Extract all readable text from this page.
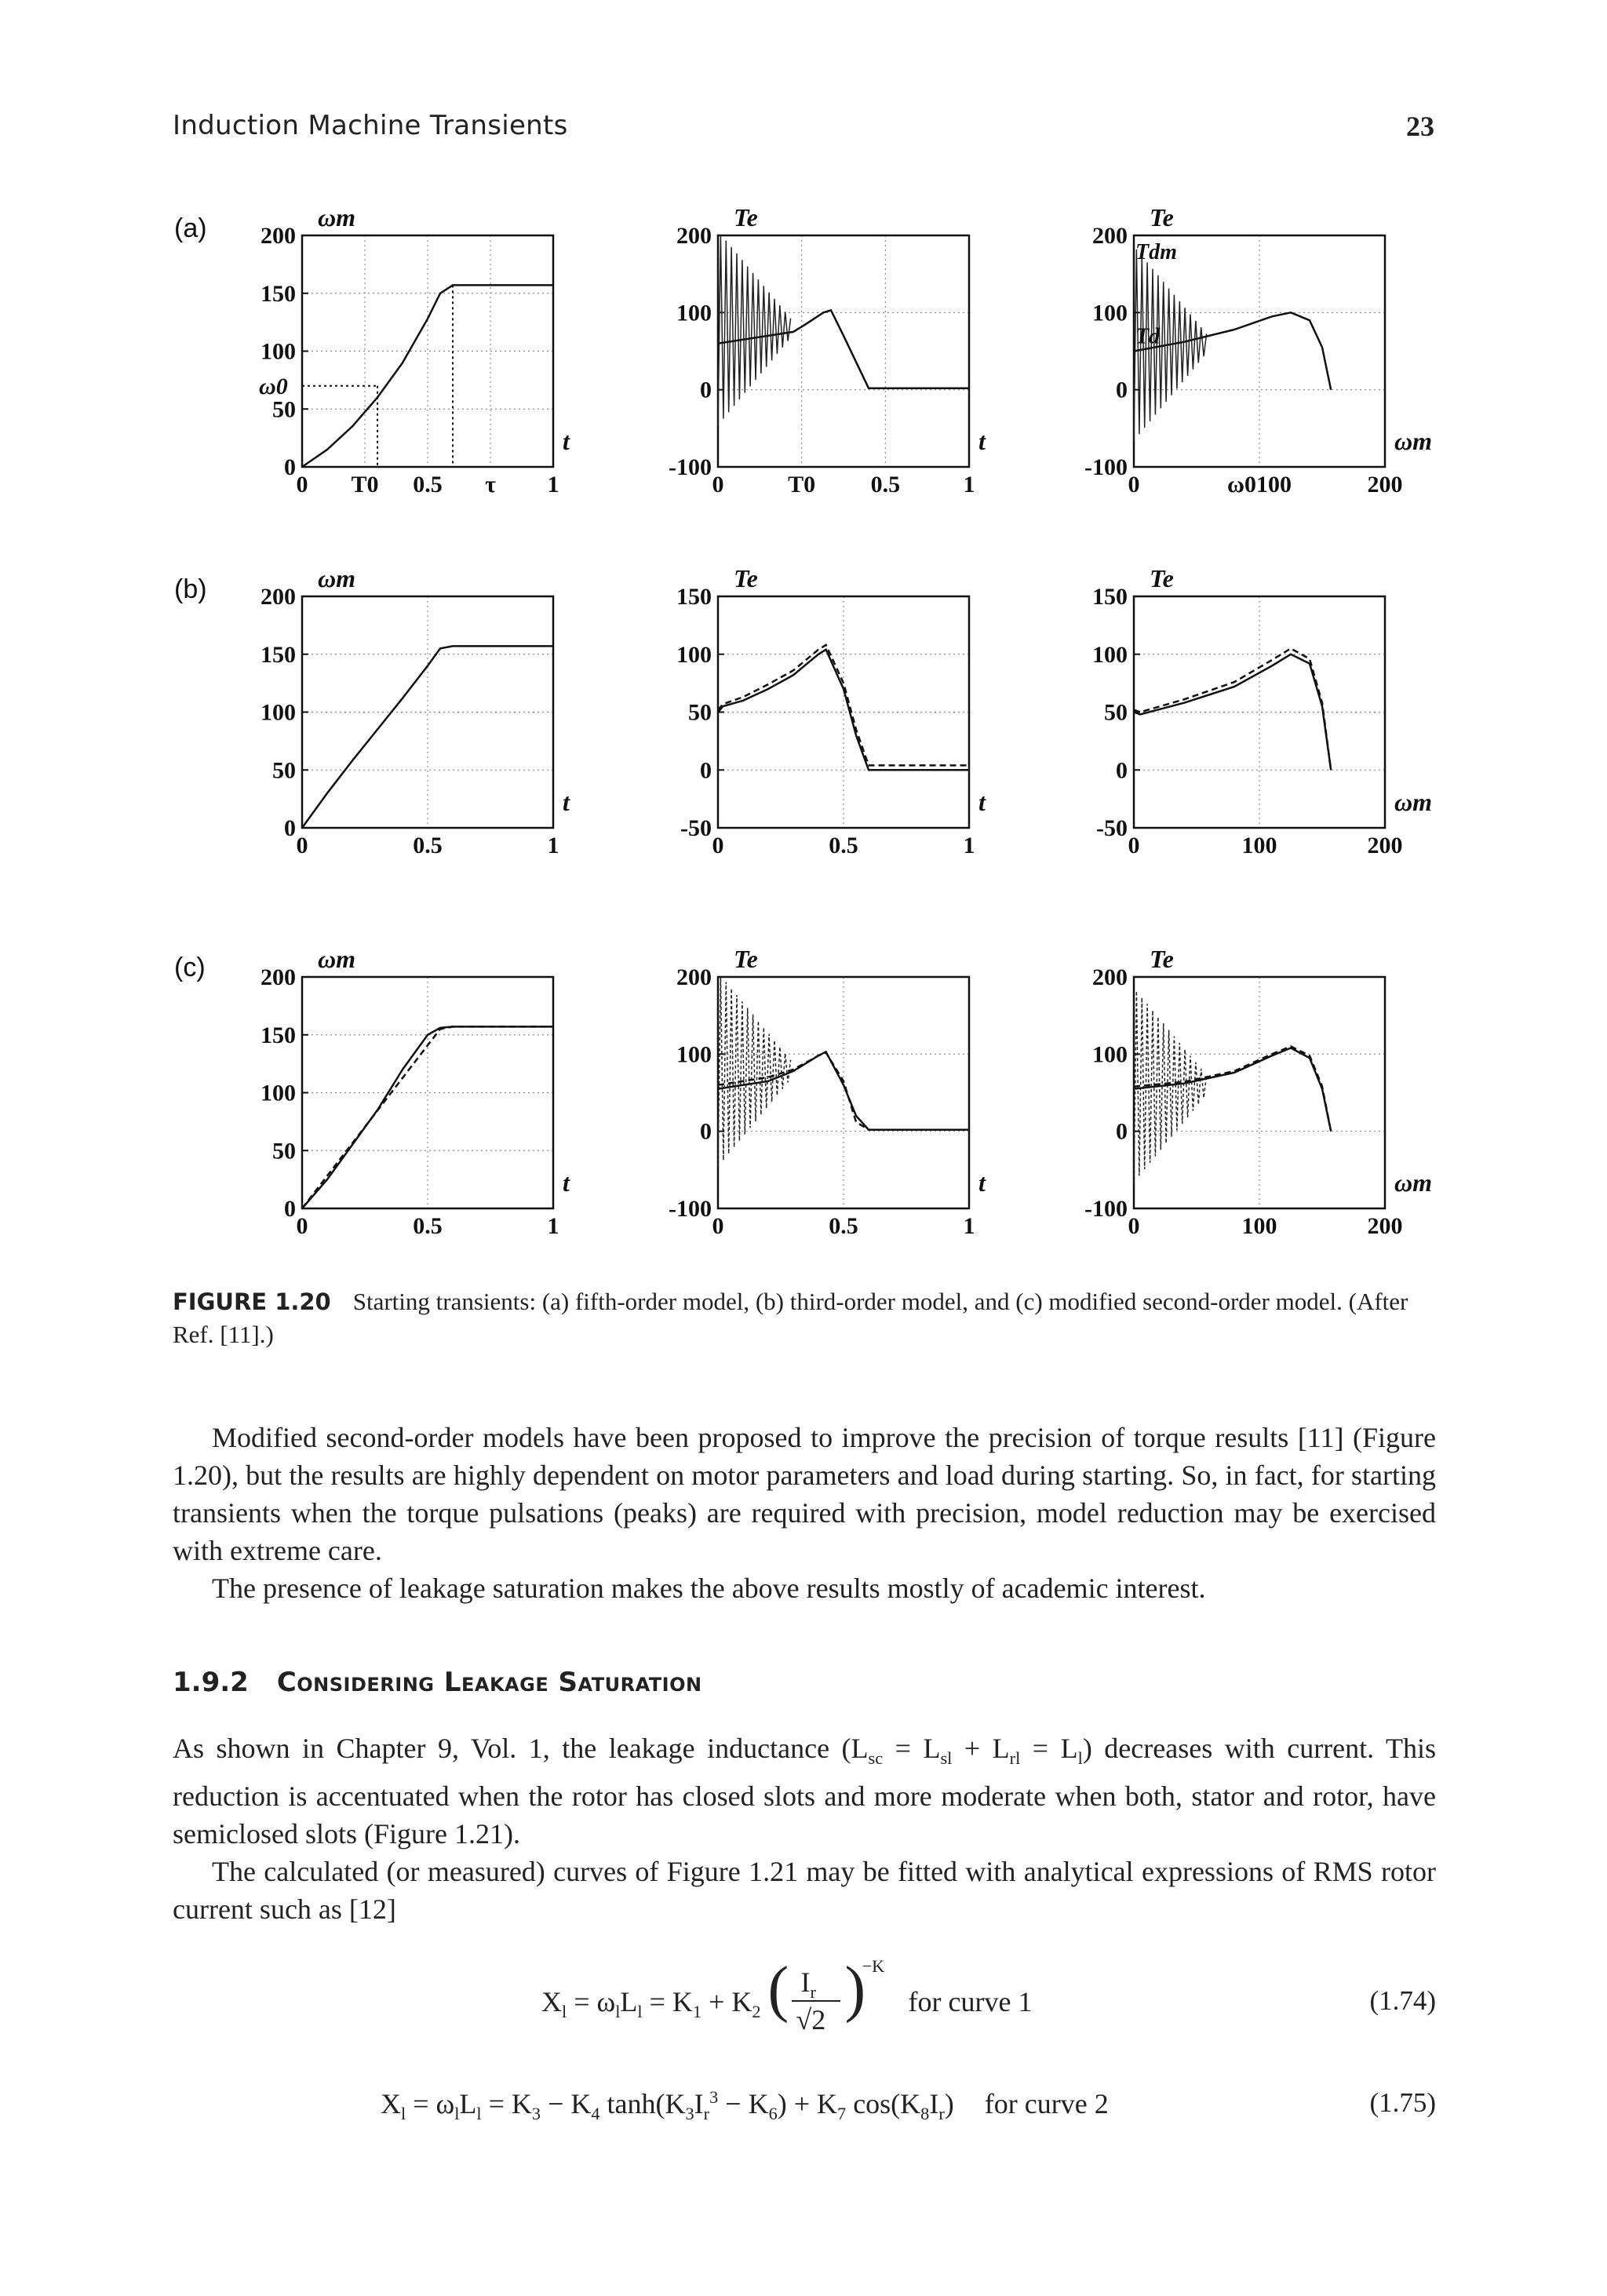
Induction Machine Transients	23
(a)
(b)
(c)
200
150
100
50
0
0 T0 0.5 τ 1
ωm
t
ω0
200
100
0
-100
0	T0 0.5	1
Te
t
200
100
0
-100
0	ω0100	200
Te
ωm
Tdm
Td
200
150
100
50
0
0	0.5	1
ωm
t
150
100
50
0
-50
0	0.5	1
Te
t
150
100
50
0
-50
0	100	200
Te
ωm
200
150
100
50
0
0	0.5	1
ωm
t
200
100
0
-100
0	0.5	1
Te
t
200
100
0
-100
0	100	200
Te
ωm
FIGURE 1.20 Starting transients: (a) fifth-order model, (b) third-order model, and (c) modified second-order model. (After Ref. [11].)

Modified second-order models have been proposed to improve the precision of torque results [11] (Figure 1.20), but the results are highly dependent on motor parameters and load during starting. So, in fact, for starting transients when the torque pulsations (peaks) are required with precision, model reduction may be exercised with extreme care.

The presence of leakage saturation makes the above results mostly of academic interest.

1.9.2 Considering Leakage Saturation

As shown in Chapter 9, Vol. 1, the leakage inductance $(L_{sc} = L_{sl} + L_{rl} = L_l)$ decreases with current. This reduction is accentuated when the rotor has closed slots and more moderate when both, stator and rotor, have semiclosed slots (Figure 1.21).

The calculated (or measured) curves of Figure 1.21 may be fitted with analytical expressions of RMS rotor current such as [12]

$X_l = \omega_lL_l = K_1 + K_2$ ( $I_r$
√2 )
−K
for curve 1	(1.74)
$X_l = \omega_lL_l = K_3 - K_4$ $\tanh(K_3I_r^3 - K_6) + K_7$ $\cos(K_8I_r)$ for curve 2	(1.75)
